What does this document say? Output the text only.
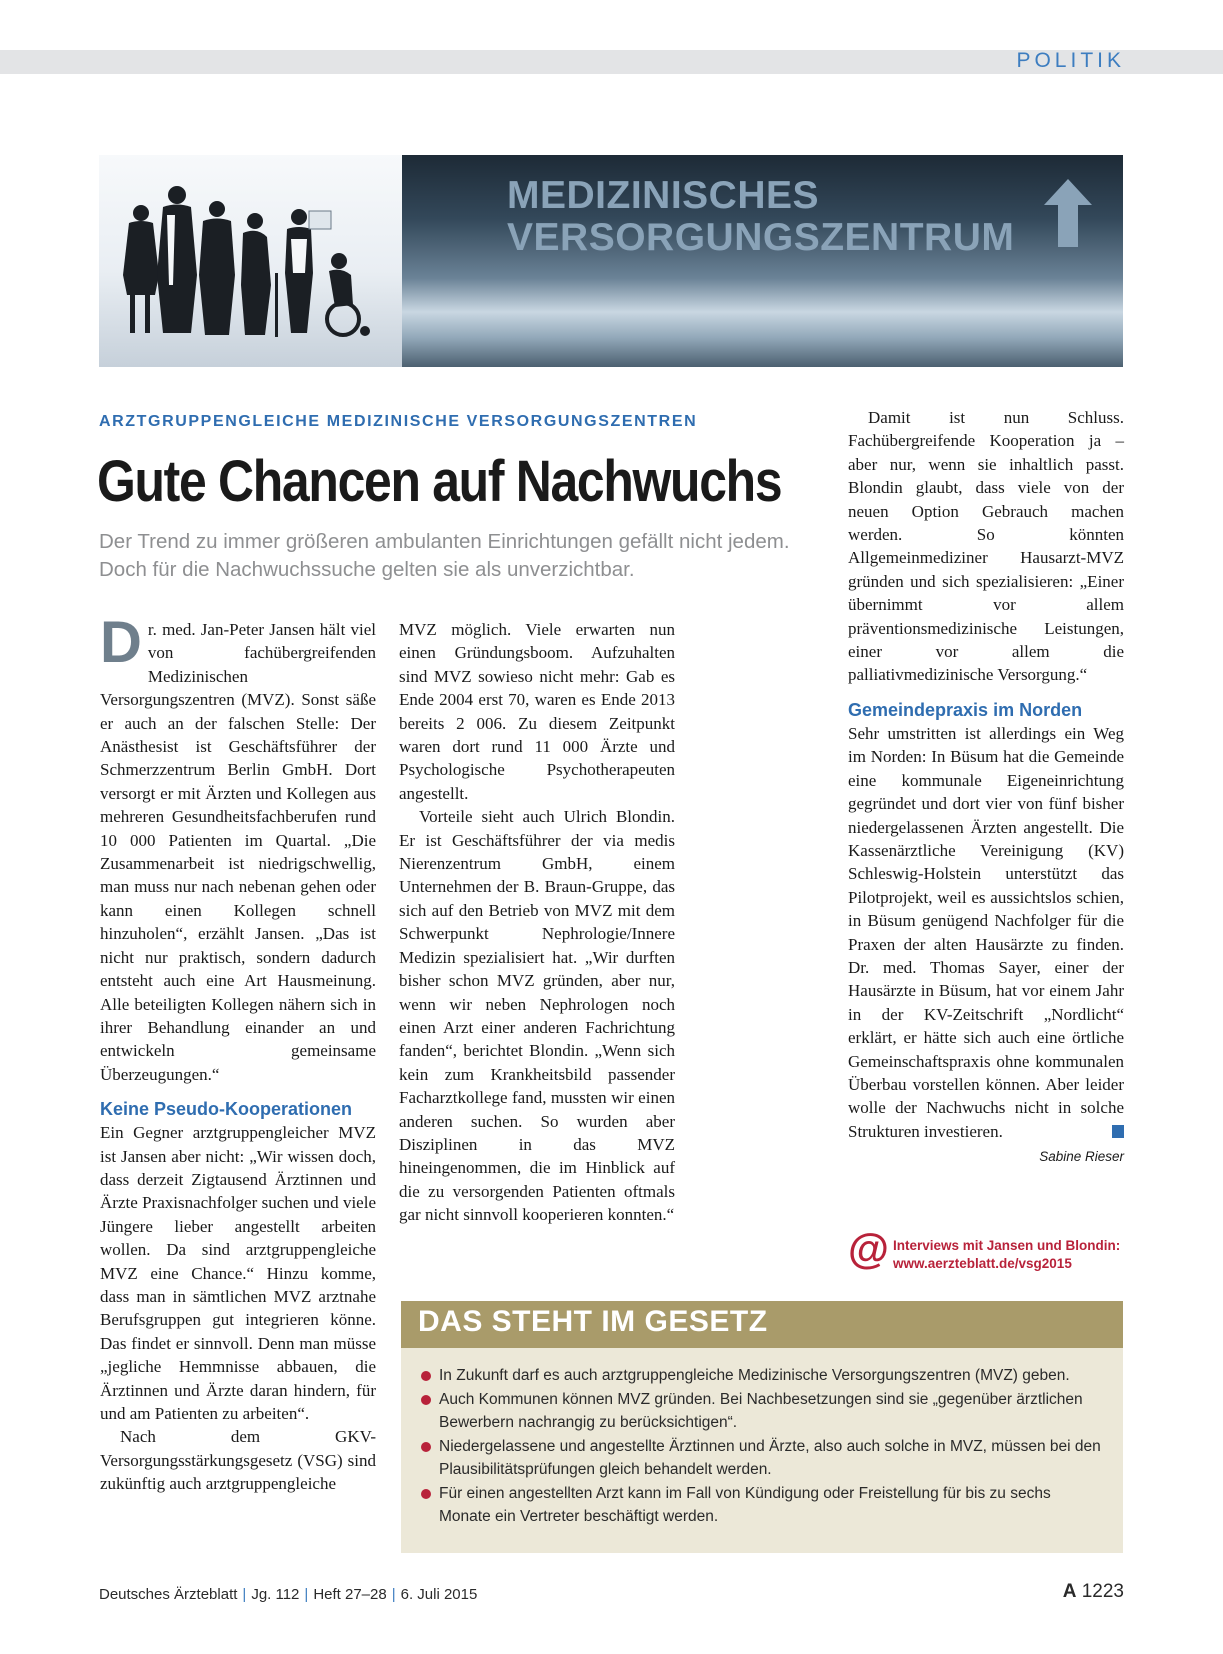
POLITIK
MEDIZINISCHES
VERSORGUNGSZENTRUM
ARZTGRUPPENGLEICHE MEDIZINISCHE VERSORGUNGSZENTREN
Gute Chancen auf Nachwuchs
Der Trend zu immer größeren ambulanten Einrichtungen gefällt nicht jedem. Doch für die Nachwuchssuche gelten sie als unverzichtbar.

Dr. med. Jan-Peter Jansen hält viel von fachübergreifenden Medizinischen Versorgungszentren (MVZ). Sonst säße er auch an der falschen Stelle: Der Anästhesist ist Geschäftsführer der Schmerzzentrum Berlin GmbH. Dort versorgt er mit Ärzten und Kollegen aus mehreren Gesundheitsfachberufen rund 10 000 Patienten im Quartal. „Die Zusammenarbeit ist niedrigschwellig, man muss nur nach nebenan gehen oder kann einen Kollegen schnell hinzuholen“, erzählt Jansen. „Das ist nicht nur praktisch, sondern dadurch entsteht auch eine Art Hausmeinung. Alle beteiligten Kollegen nähern sich in ihrer Behandlung einander an und entwickeln gemeinsame Überzeugungen.“

Keine Pseudo-Kooperationen

Ein Gegner arztgruppengleicher MVZ ist Jansen aber nicht: „Wir wissen doch, dass derzeit Zigtausend Ärztinnen und Ärzte Praxisnachfolger suchen und viele Jüngere lieber angestellt arbeiten wollen. Da sind arztgruppengleiche MVZ eine Chance.“ Hinzu komme, dass man in sämtlichen MVZ arztnahe Berufsgruppen gut integrieren könne. Das findet er sinnvoll. Denn man müsse „jegliche Hemmnisse abbauen, die Ärztinnen und Ärzte daran hindern, für und am Patienten zu arbeiten“.

Nach dem GKV-Versorgungsstärkungsgesetz (VSG) sind zukünftig auch arztgruppengleiche

MVZ möglich. Viele erwarten nun einen Gründungsboom. Aufzuhalten sind MVZ sowieso nicht mehr: Gab es Ende 2004 erst 70, waren es Ende 2013 bereits 2 006. Zu diesem Zeitpunkt waren dort rund 11 000 Ärzte und Psychologische Psychotherapeuten angestellt.

Vorteile sieht auch Ulrich Blondin. Er ist Geschäftsführer der via medis Nierenzentrum GmbH, einem Unternehmen der B. Braun-Gruppe, das sich auf den Betrieb von MVZ mit dem Schwerpunkt Nephrologie/Innere Medizin spezialisiert hat. „Wir durften bisher schon MVZ gründen, aber nur, wenn wir neben Nephrologen noch einen Arzt einer anderen Fachrichtung fanden“, berichtet Blondin. „Wenn sich kein zum Krankheitsbild passender Facharztkollege fand, mussten wir einen anderen suchen. So wurden aber Disziplinen in das MVZ hineingenommen, die im Hinblick auf die zu versorgenden Patienten oftmals gar nicht sinnvoll kooperieren konnten.“

Damit ist nun Schluss. Fachübergreifende Kooperation ja – aber nur, wenn sie inhaltlich passt. Blondin glaubt, dass viele von der neuen Option Gebrauch machen werden. So könnten Allgemeinmediziner Hausarzt-MVZ gründen und sich spezialisieren: „Einer übernimmt vor allem präventionsmedizinische Leistungen, einer vor allem die palliativmedizinische Versorgung.“

Gemeindepraxis im Norden

Sehr umstritten ist allerdings ein Weg im Norden: In Büsum hat die Gemeinde eine kommunale Eigeneinrichtung gegründet und dort vier von fünf bisher niedergelassenen Ärzten angestellt. Die Kassenärztliche Vereinigung (KV) Schleswig-Holstein unterstützt das Pilotprojekt, weil es aussichtslos schien, in Büsum genügend Nachfolger für die Praxen der alten Hausärzte zu finden. Dr. med. Thomas Sayer, einer der Hausärzte in Büsum, hat vor einem Jahr in der KV-Zeitschrift „Nordlicht“ erklärt, er hätte sich auch eine örtliche Gemeinschaftspraxis ohne kommunalen Überbau vorstellen können. Aber leider wolle der Nachwuchs nicht in solche Strukturen investieren.

Sabine Rieser
@ Interviews mit Jansen und Blondin:
www.aerzteblatt.de/vsg2015
DAS STEHT IM GESETZ
In Zukunft darf es auch arztgruppengleiche Medizinische Versorgungszentren (MVZ) geben.
Auch Kommunen können MVZ gründen. Bei Nachbesetzungen sind sie „gegenüber ärztlichen Bewerbern nachrangig zu berücksichtigen“.
Niedergelassene und angestellte Ärztinnen und Ärzte, also auch solche in MVZ, müssen bei den Plausibilitätsprüfungen gleich behandelt werden.
Für einen angestellten Arzt kann im Fall von Kündigung oder Freistellung für bis zu sechs Monate ein Vertreter beschäftigt werden.
Deutsches Ärzteblatt | Jg. 112 | Heft 27–28 | 6. Juli 2015	A 1223
